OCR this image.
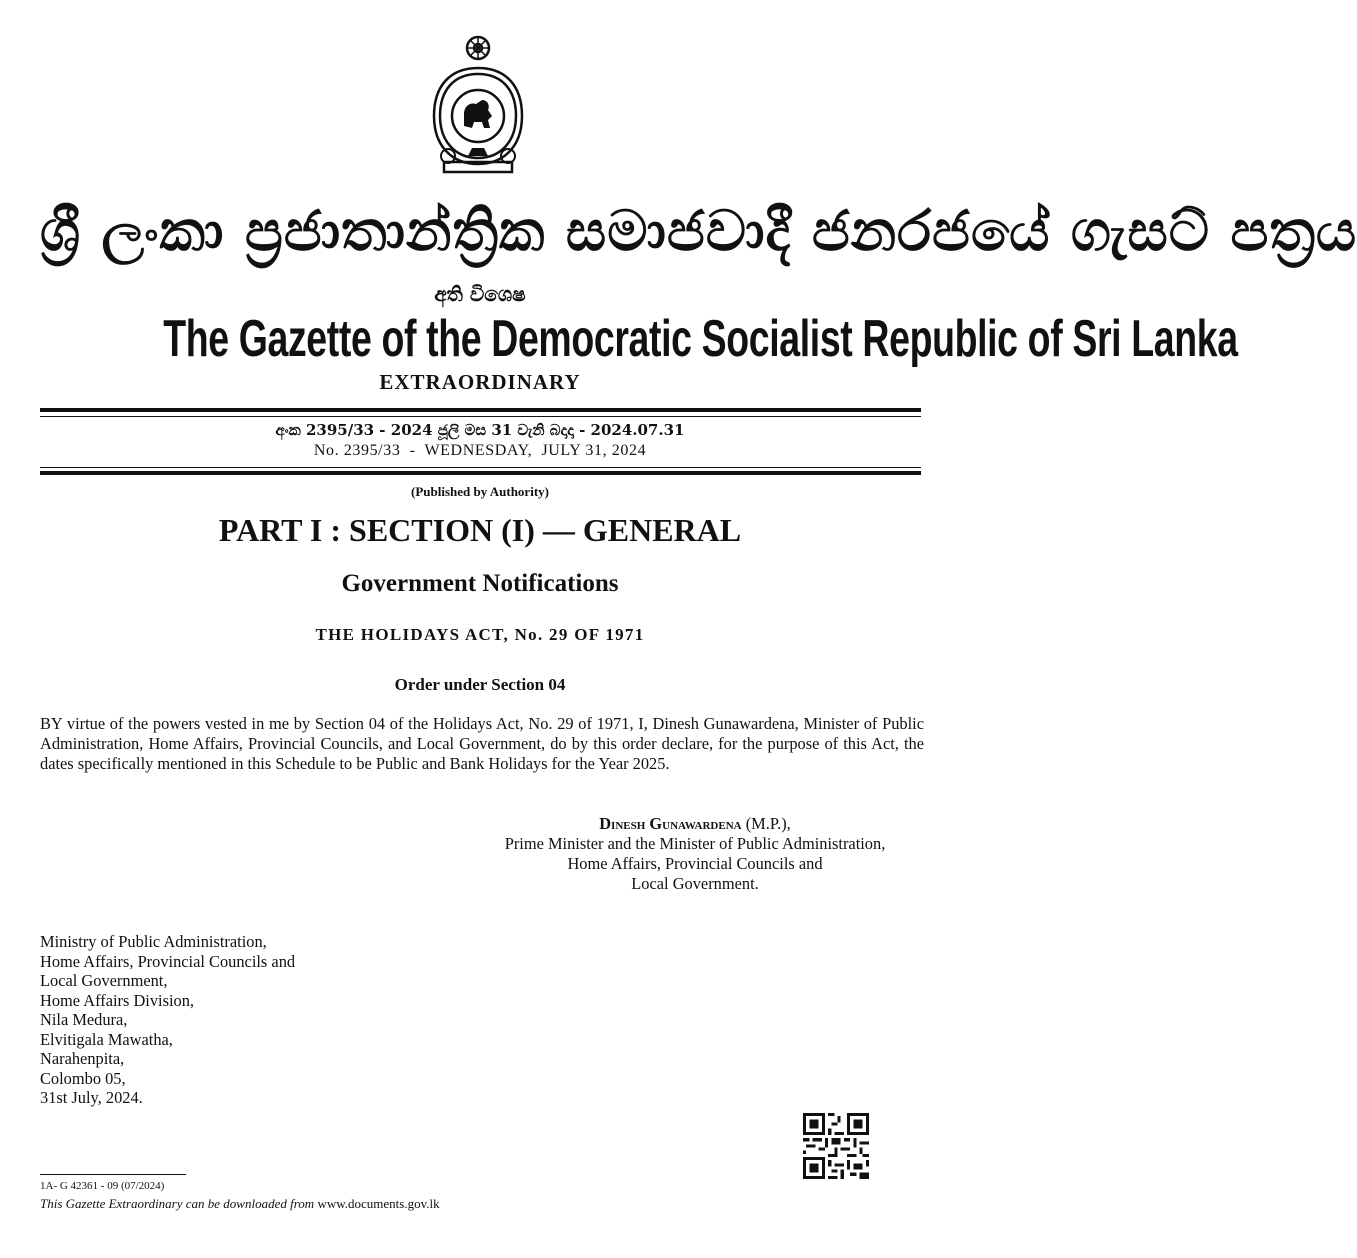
ශ්‍රී ලංකා ප්‍රජාතාන්ත්‍රික සමාජවාදී ජනරජයේ ගැසට් පත්‍රය
අති විශෙෂ
The Gazette of the Democratic Socialist Republic of Sri Lanka
EXTRAORDINARY
අංක 2395/33 - 2024 ජූලි මස 31 වැනි බදාදා - 2024.07.31
No. 2395/33  -  WEDNESDAY,  JULY 31, 2024
(Published by Authority)
PART I : SECTION (I) — GENERAL
Government Notifications
THE HOLIDAYS ACT, No. 29 OF 1971
Order under Section 04
BY virtue of the powers vested in me by Section 04 of the Holidays Act, No. 29 of 1971, I, Dinesh Gunawardena, Minister of Public Administration, Home Affairs, Provincial Councils, and Local Government, do by this order declare, for the purpose of this Act, the dates specifically mentioned in this Schedule to be Public and Bank Holidays for the Year 2025.
Dinesh Gunawardena (M.P.),
Prime Minister and the Minister of Public Administration,
Home Affairs, Provincial Councils and
Local Government.
Ministry of Public Administration,
Home Affairs, Provincial Councils and
Local Government,
Home Affairs Division,
Nila Medura,
Elvitigala Mawatha,
Narahenpita,
Colombo 05,
31st July, 2024.
1A- G 42361 - 09 (07/2024)
This Gazette Extraordinary can be downloaded from www.documents.gov.lk
